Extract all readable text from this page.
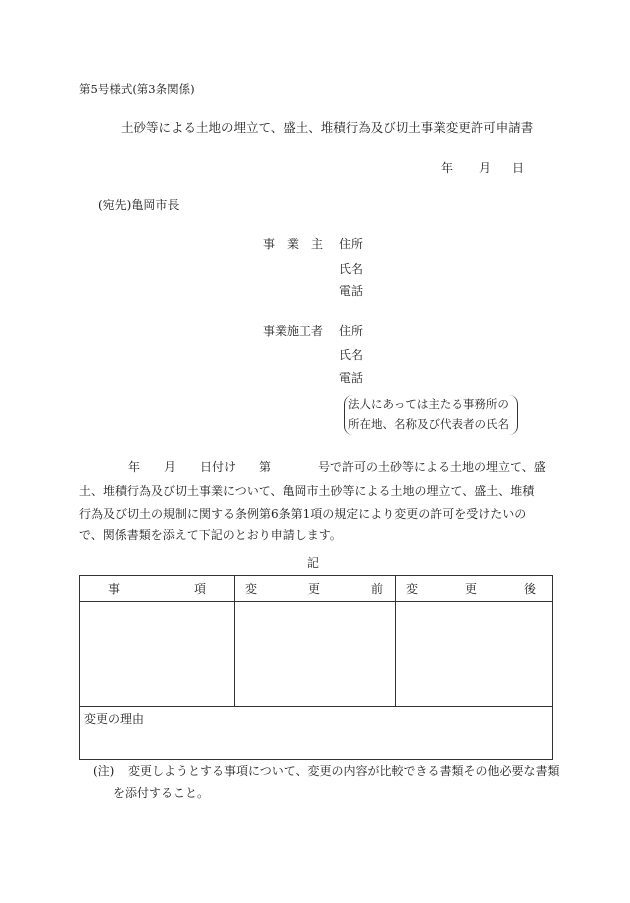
第5号様式(第3条関係)
土砂等による土地の埋立て、盛土、堆積行為及び切土事業変更許可申請書
年 月 日
(宛先)亀岡市長
事　業　主 住所
氏名
電話
事業施工者 住所
氏名
電話
法人にあっては主たる事務所の
所在地、名称及び代表者の氏名
年 月 日付け 第	号で許可の土砂等による土地の埋立て、盛
土、堆積行為及び切土事業について、亀岡市土砂等による土地の埋立て、盛土、堆積
行為及び切土の規制に関する条例第6条第1項の規定により変更の許可を受けたいの
で、関係書類を添えて下記のとおり申請します。
記
事 項	変 更 前	変 更 後

変更の理由		
(注) 変更しようとする事項について、変更の内容が比較できる書類その他必要な書類
を添付すること。
